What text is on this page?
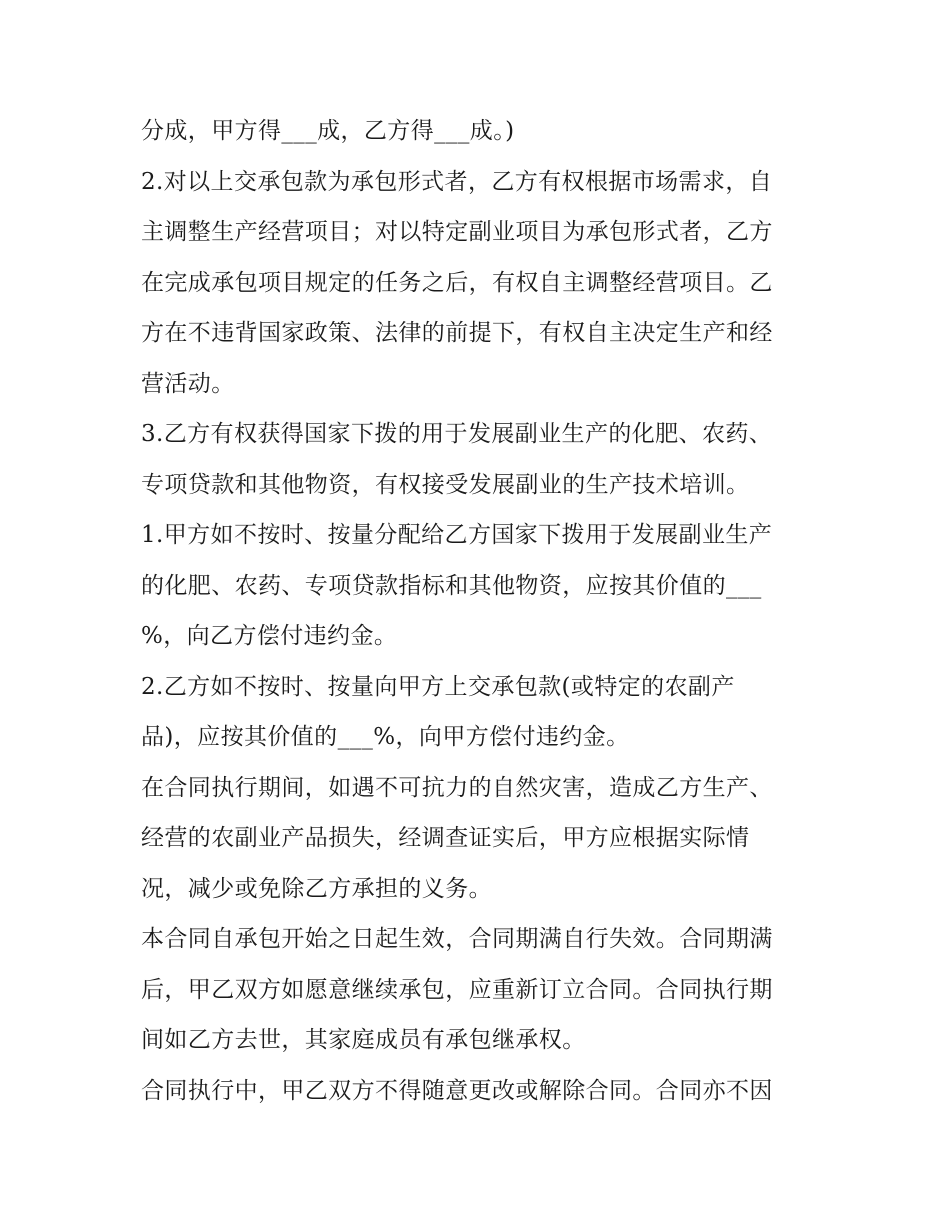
分成，甲方得___成，乙方得___成。)
2.对以上交承包款为承包形式者，乙方有权根据市场需求，自
主调整生产经营项目；对以特定副业项目为承包形式者，乙方
在完成承包项目规定的任务之后，有权自主调整经营项目。乙
方在不违背国家政策、法律的前提下，有权自主决定生产和经
营活动。
3.乙方有权获得国家下拨的用于发展副业生产的化肥、农药、
专项贷款和其他物资，有权接受发展副业的生产技术培训。
1.甲方如不按时、按量分配给乙方国家下拨用于发展副业生产
的化肥、农药、专项贷款指标和其他物资，应按其价值的___
%，向乙方偿付违约金。
2.乙方如不按时、按量向甲方上交承包款(或特定的农副产
品)，应按其价值的___%，向甲方偿付违约金。
在合同执行期间，如遇不可抗力的自然灾害，造成乙方生产、
经营的农副业产品损失，经调查证实后，甲方应根据实际情
况，减少或免除乙方承担的义务。
本合同自承包开始之日起生效，合同期满自行失效。合同期满
后，甲乙双方如愿意继续承包，应重新订立合同。合同执行期
间如乙方去世，其家庭成员有承包继承权。
合同执行中，甲乙双方不得随意更改或解除合同。合同亦不因
